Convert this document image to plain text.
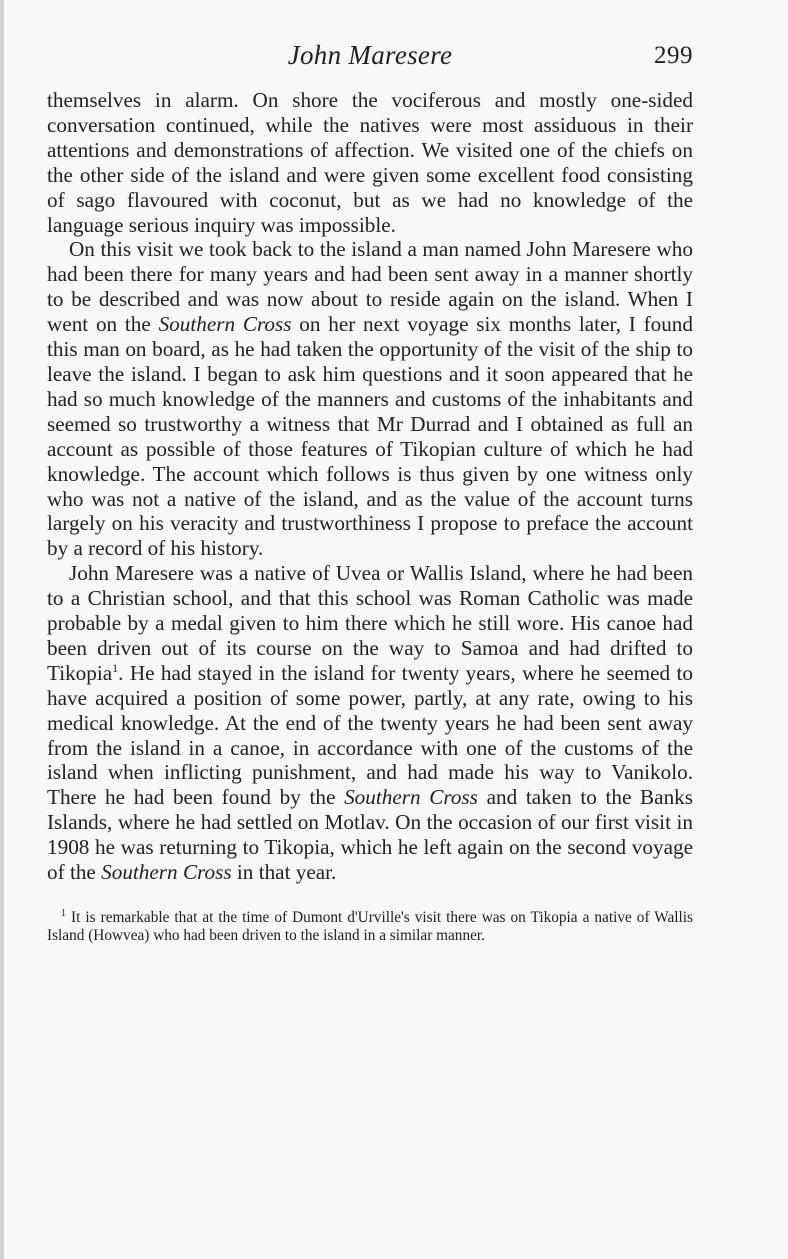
John Maresere	299

themselves in alarm. On shore the vociferous and mostly one-sided conversation continued, while the natives were most assiduous in their attentions and demonstrations of affection. We visited one of the chiefs on the other side of the island and were given some excellent food consisting of sago flavoured with coconut, but as we had no knowledge of the language serious inquiry was impossible.

On this visit we took back to the island a man named John Maresere who had been there for many years and had been sent away in a manner shortly to be described and was now about to reside again on the island. When I went on the Southern Cross on her next voyage six months later, I found this man on board, as he had taken the opportunity of the visit of the ship to leave the island. I began to ask him questions and it soon appeared that he had so much knowledge of the manners and customs of the inhabitants and seemed so trustworthy a witness that Mr Durrad and I obtained as full an account as possible of those features of Tikopian culture of which he had knowledge. The account which follows is thus given by one witness only who was not a native of the island, and as the value of the account turns largely on his veracity and trustworthiness I propose to preface the account by a record of his history.

John Maresere was a native of Uvea or Wallis Island, where he had been to a Christian school, and that this school was Roman Catholic was made probable by a medal given to him there which he still wore. His canoe had been driven out of its course on the way to Samoa and had drifted to Tikopia$^1$. He had stayed in the island for twenty years, where he seemed to have acquired a position of some power, partly, at any rate, owing to his medical knowledge. At the end of the twenty years he had been sent away from the island in a canoe, in accordance with one of the customs of the island when inflicting punishment, and had made his way to Vanikolo. There he had been found by the Southern Cross and taken to the Banks Islands, where he had settled on Motlav. On the occasion of our first visit in 1908 he was returning to Tikopia, which he left again on the second voyage of the Southern Cross in that year.

$^1$ It is remarkable that at the time of Dumont d'Urville's visit there was on Tikopia a native of Wallis Island (Howvea) who had been driven to the island in a similar manner.
